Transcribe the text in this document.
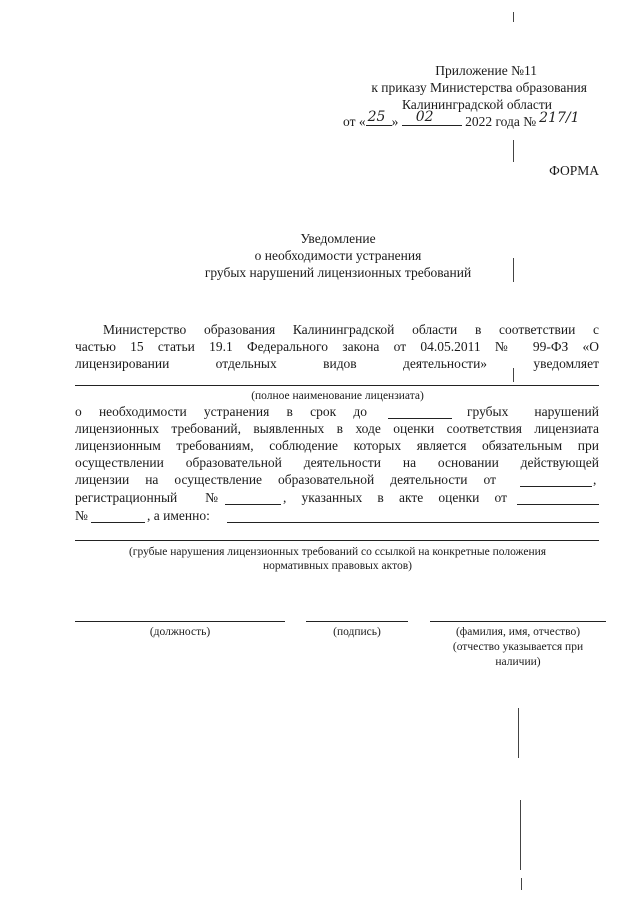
Приложение №11
к приказу Министерства образования
Калининградской области
от « 25 » 02 2022 года № 217/1
ФОРМА
Уведомление
о необходимости устранения
грубых нарушений лицензионных требований
Министерство образования Калининградской области в соответствии с
частью 15 статьи 19.1 Федерального закона от 04.05.2011 № 99-ФЗ «О
лицензировании отдельных видов деятельности» уведомляет
(полное наименование лицензиата)
о необходимости устранения в срок до	грубых нарушений
лицензионных требований, выявленных в ходе оценки соответствия лицензиата
лицензионным требованиям, соблюдение которых является обязательным при
осуществлении образовательной деятельности на основании действующей
лицензии на осуществление образовательной деятельности от	,
регистрационный №	, указанных в акте оценки от
№	, а именно:
(грубые нарушения лицензионных требований со ссылкой на конкретные положения
нормативных правовых актов)
(должность)	(подпись)	(фамилия, имя, отчество)
(отчество указывается при
наличии)
